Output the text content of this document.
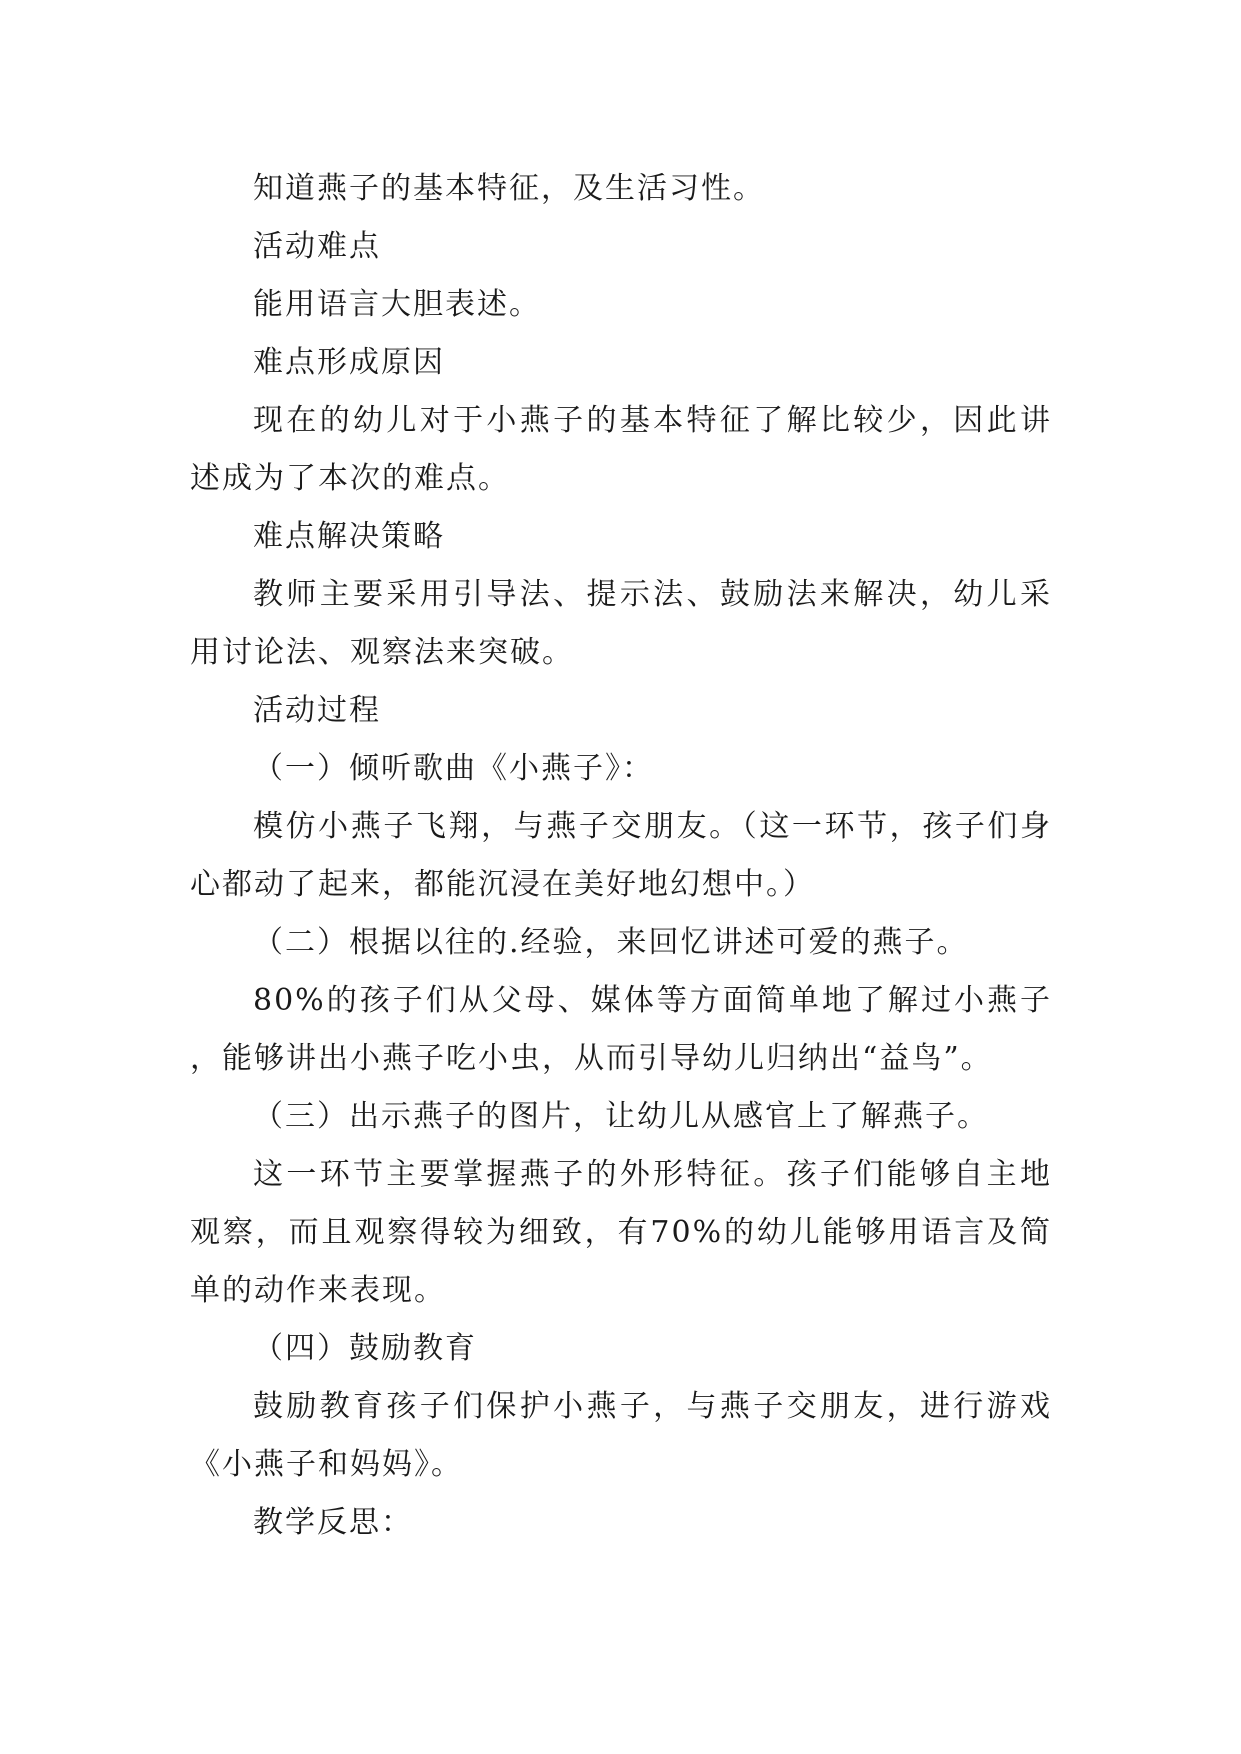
知道燕子的基本特征，及生活习性。

活动难点

能用语言大胆表述。

难点形成原因

现在的幼儿对于小燕子的基本特征了解比较少，因此讲述成为了本次的难点。

难点解决策略

教师主要采用引导法、提示法、鼓励法来解决，幼儿采用讨论法、观察法来突破。

活动过程

（一）倾听歌曲《小燕子》：

模仿小燕子飞翔，与燕子交朋友。（这一环节，孩子们身心都动了起来，都能沉浸在美好地幻想中。）

（二）根据以往的.经验，来回忆讲述可爱的燕子。

80%的孩子们从父母、媒体等方面简单地了解过小燕子，能够讲出小燕子吃小虫，从而引导幼儿归纳出“益鸟”。

（三）出示燕子的图片，让幼儿从感官上了解燕子。

这一环节主要掌握燕子的外形特征。孩子们能够自主地观察，而且观察得较为细致，有70%的幼儿能够用语言及简单的动作来表现。

（四）鼓励教育

鼓励教育孩子们保护小燕子，与燕子交朋友，进行游戏《小燕子和妈妈》。

教学反思：
